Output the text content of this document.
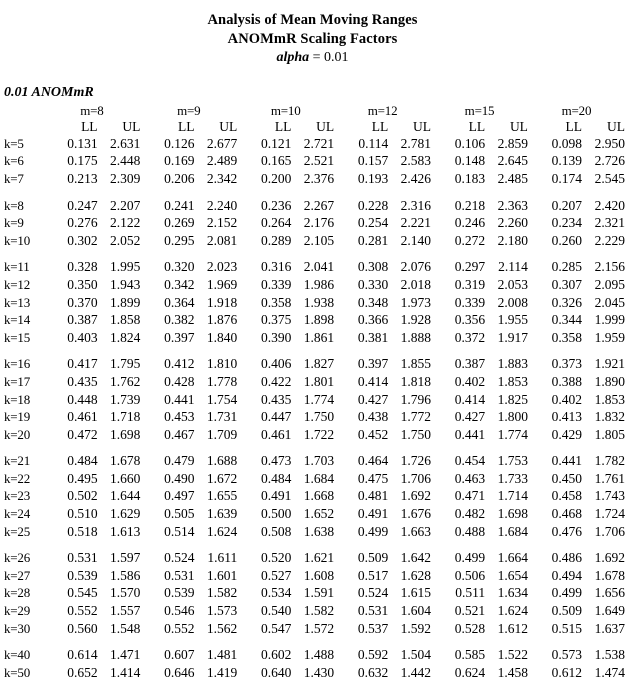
Analysis of Mean Moving Ranges
ANOMmR Scaling Factors
alpha = 0.01
0.01 ANOMmR
	m=8		m=9		m=10		m=12		m=15		m=20	
	LL	UL	LL	UL	LL	UL	LL	UL	LL	UL	LL	UL
k=5	0.131	2.631	0.126	2.677	0.121	2.721	0.114	2.781	0.106	2.859	0.098	2.950
k=6	0.175	2.448	0.169	2.489	0.165	2.521	0.157	2.583	0.148	2.645	0.139	2.726
k=7	0.213	2.309	0.206	2.342	0.200	2.376	0.193	2.426	0.183	2.485	0.174	2.545

k=8	0.247	2.207	0.241	2.240	0.236	2.267	0.228	2.316	0.218	2.363	0.207	2.420
k=9	0.276	2.122	0.269	2.152	0.264	2.176	0.254	2.221	0.246	2.260	0.234	2.321
k=10	0.302	2.052	0.295	2.081	0.289	2.105	0.281	2.140	0.272	2.180	0.260	2.229

k=11	0.328	1.995	0.320	2.023	0.316	2.041	0.308	2.076	0.297	2.114	0.285	2.156
k=12	0.350	1.943	0.342	1.969	0.339	1.986	0.330	2.018	0.319	2.053	0.307	2.095
k=13	0.370	1.899	0.364	1.918	0.358	1.938	0.348	1.973	0.339	2.008	0.326	2.045
k=14	0.387	1.858	0.382	1.876	0.375	1.898	0.366	1.928	0.356	1.955	0.344	1.999
k=15	0.403	1.824	0.397	1.840	0.390	1.861	0.381	1.888	0.372	1.917	0.358	1.959

k=16	0.417	1.795	0.412	1.810	0.406	1.827	0.397	1.855	0.387	1.883	0.373	1.921
k=17	0.435	1.762	0.428	1.778	0.422	1.801	0.414	1.818	0.402	1.853	0.388	1.890
k=18	0.448	1.739	0.441	1.754	0.435	1.774	0.427	1.796	0.414	1.825	0.402	1.853
k=19	0.461	1.718	0.453	1.731	0.447	1.750	0.438	1.772	0.427	1.800	0.413	1.832
k=20	0.472	1.698	0.467	1.709	0.461	1.722	0.452	1.750	0.441	1.774	0.429	1.805

k=21	0.484	1.678	0.479	1.688	0.473	1.703	0.464	1.726	0.454	1.753	0.441	1.782
k=22	0.495	1.660	0.490	1.672	0.484	1.684	0.475	1.706	0.463	1.733	0.450	1.761
k=23	0.502	1.644	0.497	1.655	0.491	1.668	0.481	1.692	0.471	1.714	0.458	1.743
k=24	0.510	1.629	0.505	1.639	0.500	1.652	0.491	1.676	0.482	1.698	0.468	1.724
k=25	0.518	1.613	0.514	1.624	0.508	1.638	0.499	1.663	0.488	1.684	0.476	1.706

k=26	0.531	1.597	0.524	1.611	0.520	1.621	0.509	1.642	0.499	1.664	0.486	1.692
k=27	0.539	1.586	0.531	1.601	0.527	1.608	0.517	1.628	0.506	1.654	0.494	1.678
k=28	0.545	1.570	0.539	1.582	0.534	1.591	0.524	1.615	0.511	1.634	0.499	1.656
k=29	0.552	1.557	0.546	1.573	0.540	1.582	0.531	1.604	0.521	1.624	0.509	1.649
k=30	0.560	1.548	0.552	1.562	0.547	1.572	0.537	1.592	0.528	1.612	0.515	1.637

k=40	0.614	1.471	0.607	1.481	0.602	1.488	0.592	1.504	0.585	1.522	0.573	1.538
k=50	0.652	1.414	0.646	1.419	0.640	1.430	0.632	1.442	0.624	1.458	0.612	1.474
